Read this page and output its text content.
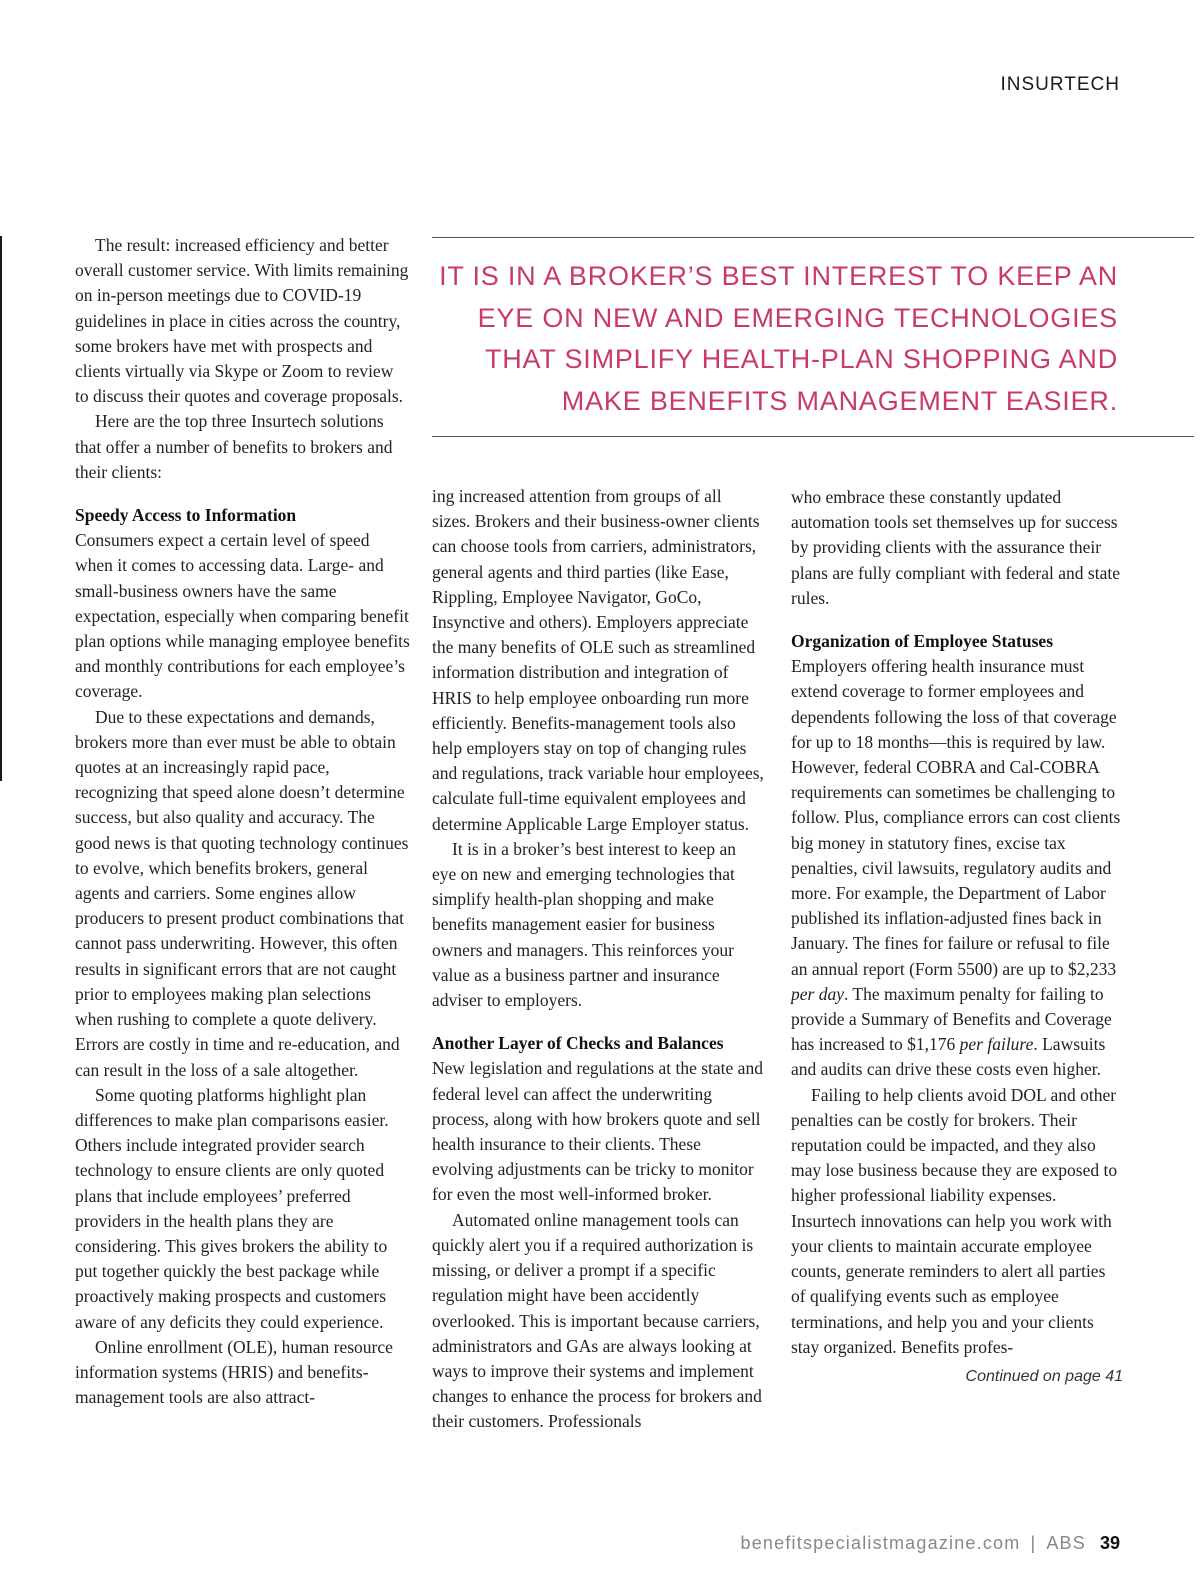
INSURTECH

IT IS IN A BROKER’S BEST INTEREST TO KEEP AN EYE ON NEW AND EMERGING TECHNOLOGIES THAT SIMPLIFY HEALTH-PLAN SHOPPING AND MAKE BENEFITS MANAGEMENT EASIER.

The result: increased efficiency and better overall customer service. With limits remaining on in-person meetings due to COVID-19 guidelines in place in cities across the country, some brokers have met with prospects and clients virtually via Skype or Zoom to review to discuss their quotes and coverage proposals.

Here are the top three Insurtech solutions that offer a number of benefits to brokers and their clients:

Speedy Access to Information

Consumers expect a certain level of speed when it comes to accessing data. Large- and small-business owners have the same expectation, especially when comparing benefit plan options while managing employee benefits and monthly contributions for each employee’s coverage.

Due to these expectations and demands, brokers more than ever must be able to obtain quotes at an increasingly rapid pace, recognizing that speed alone doesn’t determine success, but also quality and accuracy. The good news is that quoting technology continues to evolve, which benefits brokers, general agents and carriers. Some engines allow producers to present product combinations that cannot pass underwriting. However, this often results in significant errors that are not caught prior to employees making plan selections when rushing to complete a quote delivery. Errors are costly in time and re-education, and can result in the loss of a sale altogether.

Some quoting platforms highlight plan differences to make plan comparisons easier. Others include integrated provider search technology to ensure clients are only quoted plans that include employees’ preferred providers in the health plans they are considering. This gives brokers the ability to put together quickly the best package while proactively making prospects and customers aware of any deficits they could experience.

Online enrollment (OLE), human resource information systems (HRIS) and benefits-management tools are also attract-

ing increased attention from groups of all sizes. Brokers and their business-owner clients can choose tools from carriers, administrators, general agents and third parties (like Ease, Rippling, Employee Navigator, GoCo, Insynctive and others). Employers appreciate the many benefits of OLE such as streamlined information distribution and integration of HRIS to help employee onboarding run more efficiently. Benefits-management tools also help employers stay on top of changing rules and regulations, track variable hour employees, calculate full-time equivalent employees and determine Applicable Large Employer status.

It is in a broker’s best interest to keep an eye on new and emerging technologies that simplify health-plan shopping and make benefits management easier for business owners and managers. This reinforces your value as a business partner and insurance adviser to employers.

Another Layer of Checks and Balances

New legislation and regulations at the state and federal level can affect the underwriting process, along with how brokers quote and sell health insurance to their clients. These evolving adjustments can be tricky to monitor for even the most well-informed broker.

Automated online management tools can quickly alert you if a required authorization is missing, or deliver a prompt if a specific regulation might have been accidently overlooked. This is important because carriers, administrators and GAs are always looking at ways to improve their systems and implement changes to enhance the process for brokers and their customers. Professionals

who embrace these constantly updated automation tools set themselves up for success by providing clients with the assurance their plans are fully compliant with federal and state rules.

Organization of Employee Statuses

Employers offering health insurance must extend coverage to former employees and dependents following the loss of that coverage for up to 18 months—this is required by law. However, federal COBRA and Cal-COBRA requirements can sometimes be challenging to follow. Plus, compliance errors can cost clients big money in statutory fines, excise tax penalties, civil lawsuits, regulatory audits and more. For example, the Department of Labor published its inflation-adjusted fines back in January. The fines for failure or refusal to file an annual report (Form 5500) are up to $2,233 per day. The maximum penalty for failing to provide a Summary of Benefits and Coverage has increased to $1,176 per failure. Lawsuits and audits can drive these costs even higher.

Failing to help clients avoid DOL and other penalties can be costly for brokers. Their reputation could be impacted, and they also may lose business because they are exposed to higher professional liability expenses. Insurtech innovations can help you work with your clients to maintain accurate employee counts, generate reminders to alert all parties of qualifying events such as employee terminations, and help you and your clients stay organized. Benefits profes-

Continued on page 41

benefitspecialistmagazine.com | ABS 39
